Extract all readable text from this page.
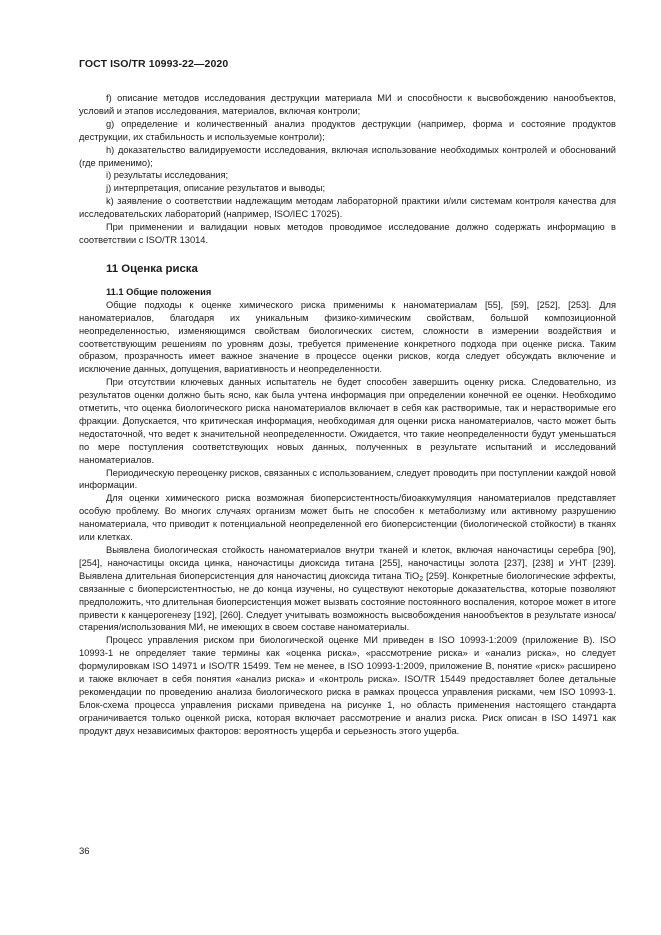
ГОСТ ISO/TR 10993-22—2020

f) описание методов исследования деструкции материала МИ и способности к высвобождению нанообъектов, условий и этапов исследования, материалов, включая контроли;

g) определение и количественный анализ продуктов деструкции (например, форма и состояние продуктов деструкции, их стабильность и используемые контроли);

h) доказательство валидируемости исследования, включая использование необходимых контролей и обоснований (где применимо);

i) результаты исследования;

j) интерпретация, описание результатов и выводы;

k) заявление о соответствии надлежащим методам лабораторной практики и/или системам контроля качества для исследовательских лабораторий (например, ISO/IEC 17025).

При применении и валидации новых методов проводимое исследование должно содержать информацию в соответствии с ISO/TR 13014.

11 Оценка риска
11.1 Общие положения

Общие подходы к оценке химического риска применимы к наноматериалам [55], [59], [252], [253]. Для наноматериалов, благодаря их уникальным физико-химическим свойствам, большой композиционной неопределенностью, изменяющимся свойствам биологических систем, сложности в измерении воздействия и соответствующим решениям по уровням дозы, требуется применение конкретного подхода при оценке риска. Таким образом, прозрачность имеет важное значение в процессе оценки рисков, когда следует обсуждать включение и исключение данных, допущения, вариативность и неопределенности.

При отсутствии ключевых данных испытатель не будет способен завершить оценку риска. Следовательно, из результатов оценки должно быть ясно, как была учтена информация при определении конечной ее оценки. Необходимо отметить, что оценка биологического риска наноматериалов включает в себя как растворимые, так и нерастворимые его фракции. Допускается, что критическая информация, необходимая для оценки риска наноматериалов, часто может быть недостаточной, что ведет к значительной неопределенности. Ожидается, что такие неопределенности будут уменьшаться по мере поступления соответствующих новых данных, полученных в результате испытаний и исследований наноматериалов.

Периодическую переоценку рисков, связанных с использованием, следует проводить при поступлении каждой новой информации.

Для оценки химического риска возможная биоперсистентность/биоаккумуляция наноматериалов представляет особую проблему. Во многих случаях организм может быть не способен к метаболизму или активному разрушению наноматериала, что приводит к потенциальной неопределенной его биоперсистенции (биологической стойкости) в тканях или клетках.

Выявлена биологическая стойкость наноматериалов внутри тканей и клеток, включая наночастицы серебра [90], [254], наночастицы оксида цинка, наночастицы диоксида титана [255], наночастицы золота [237], [238] и УНТ [239]. Выявлена длительная биоперсистенция для наночастиц диоксида титана TiO$_2$ [259]. Конкретные биологические эффекты, связанные с биоперсистентностью, не до конца изучены, но существуют некоторые доказательства, которые позволяют предположить, что длительная биоперсистенция может вызвать состояние постоянного воспаления, которое может в итоге привести к канцерогенезу [192], [260]. Следует учитывать возможность высвобождения нанообъектов в результате износа/старения/использования МИ, не имеющих в своем составе наноматериалы.

Процесс управления риском при биологической оценке МИ приведен в ISO 10993-1:2009 (приложение В). ISO 10993-1 не определяет такие термины как «оценка риска», «рассмотрение риска» и «анализ риска», но следует формулировкам ISO 14971 и ISO/TR 15499. Тем не менее, в ISO 10993-1:2009, приложение В, понятие «риск» расширено и также включает в себя понятия «анализ риска» и «контроль риска». ISO/TR 15449 предоставляет более детальные рекомендации по проведению анализа биологического риска в рамках процесса управления рисками, чем ISO 10993-1. Блок-схема процесса управления рисками приведена на рисунке 1, но область применения настоящего стандарта ограничивается только оценкой риска, которая включает рассмотрение и анализ риска. Риск описан в ISO 14971 как продукт двух независимых факторов: вероятность ущерба и серьезность этого ущерба.

36
